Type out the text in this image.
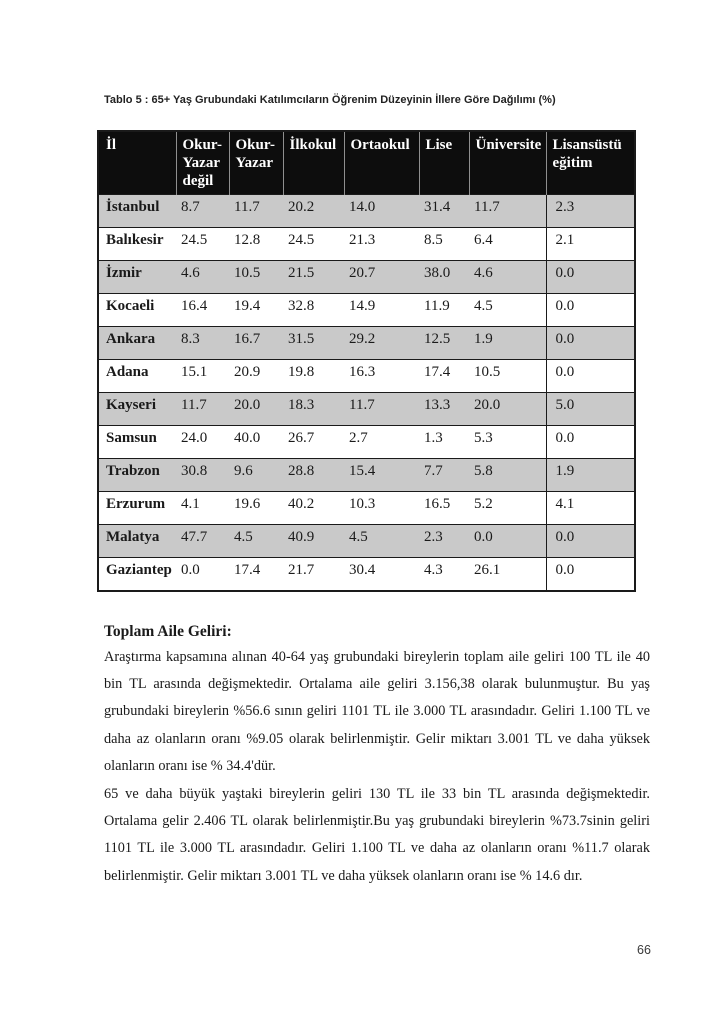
Tablo 5 : 65+ Yaş Grubundaki Katılımcıların Öğrenim Düzeyinin İllere Göre Dağılımı (%)
İl	Okur-Yazar değil	Okur-Yazar	İlkokul	Ortaokul	Lise	Üniversite	Lisansüstü eğitim
İstanbul	8.7	11.7	20.2	14.0	31.4	11.7	2.3
Balıkesir	24.5	12.8	24.5	21.3	8.5	6.4	2.1
İzmir	4.6	10.5	21.5	20.7	38.0	4.6	0.0
Kocaeli	16.4	19.4	32.8	14.9	11.9	4.5	0.0
Ankara	8.3	16.7	31.5	29.2	12.5	1.9	0.0
Adana	15.1	20.9	19.8	16.3	17.4	10.5	0.0
Kayseri	11.7	20.0	18.3	11.7	13.3	20.0	5.0
Samsun	24.0	40.0	26.7	2.7	1.3	5.3	0.0
Trabzon	30.8	9.6	28.8	15.4	7.7	5.8	1.9
Erzurum	4.1	19.6	40.2	10.3	16.5	5.2	4.1
Malatya	47.7	4.5	40.9	4.5	2.3	0.0	0.0
Gaziantep	0.0	17.4	21.7	30.4	4.3	26.1	0.0

Toplam Aile Geliri:

Araştırma kapsamına alınan 40-64 yaş grubundaki bireylerin toplam aile geliri 100 TL ile 40 bin TL arasında değişmektedir. Ortalama aile geliri 3.156,38 olarak bulunmuştur. Bu yaş grubundaki bireylerin %56.6 sının geliri 1101 TL ile 3.000 TL arasındadır. Geliri 1.100 TL ve daha az olanların oranı %9.05 olarak belirlenmiştir. Gelir miktarı 3.001 TL ve daha yüksek olanların oranı ise % 34.4'dür.

65 ve daha büyük yaştaki bireylerin geliri 130 TL ile 33 bin TL arasında değişmektedir. Ortalama gelir 2.406 TL olarak belirlenmiştir.Bu yaş grubundaki bireylerin %73.7sinin geliri 1101 TL ile 3.000 TL arasındadır. Geliri 1.100 TL ve daha az olanların oranı %11.7 olarak belirlenmiştir. Gelir miktarı 3.001 TL ve daha yüksek olanların oranı ise % 14.6 dır.

66
